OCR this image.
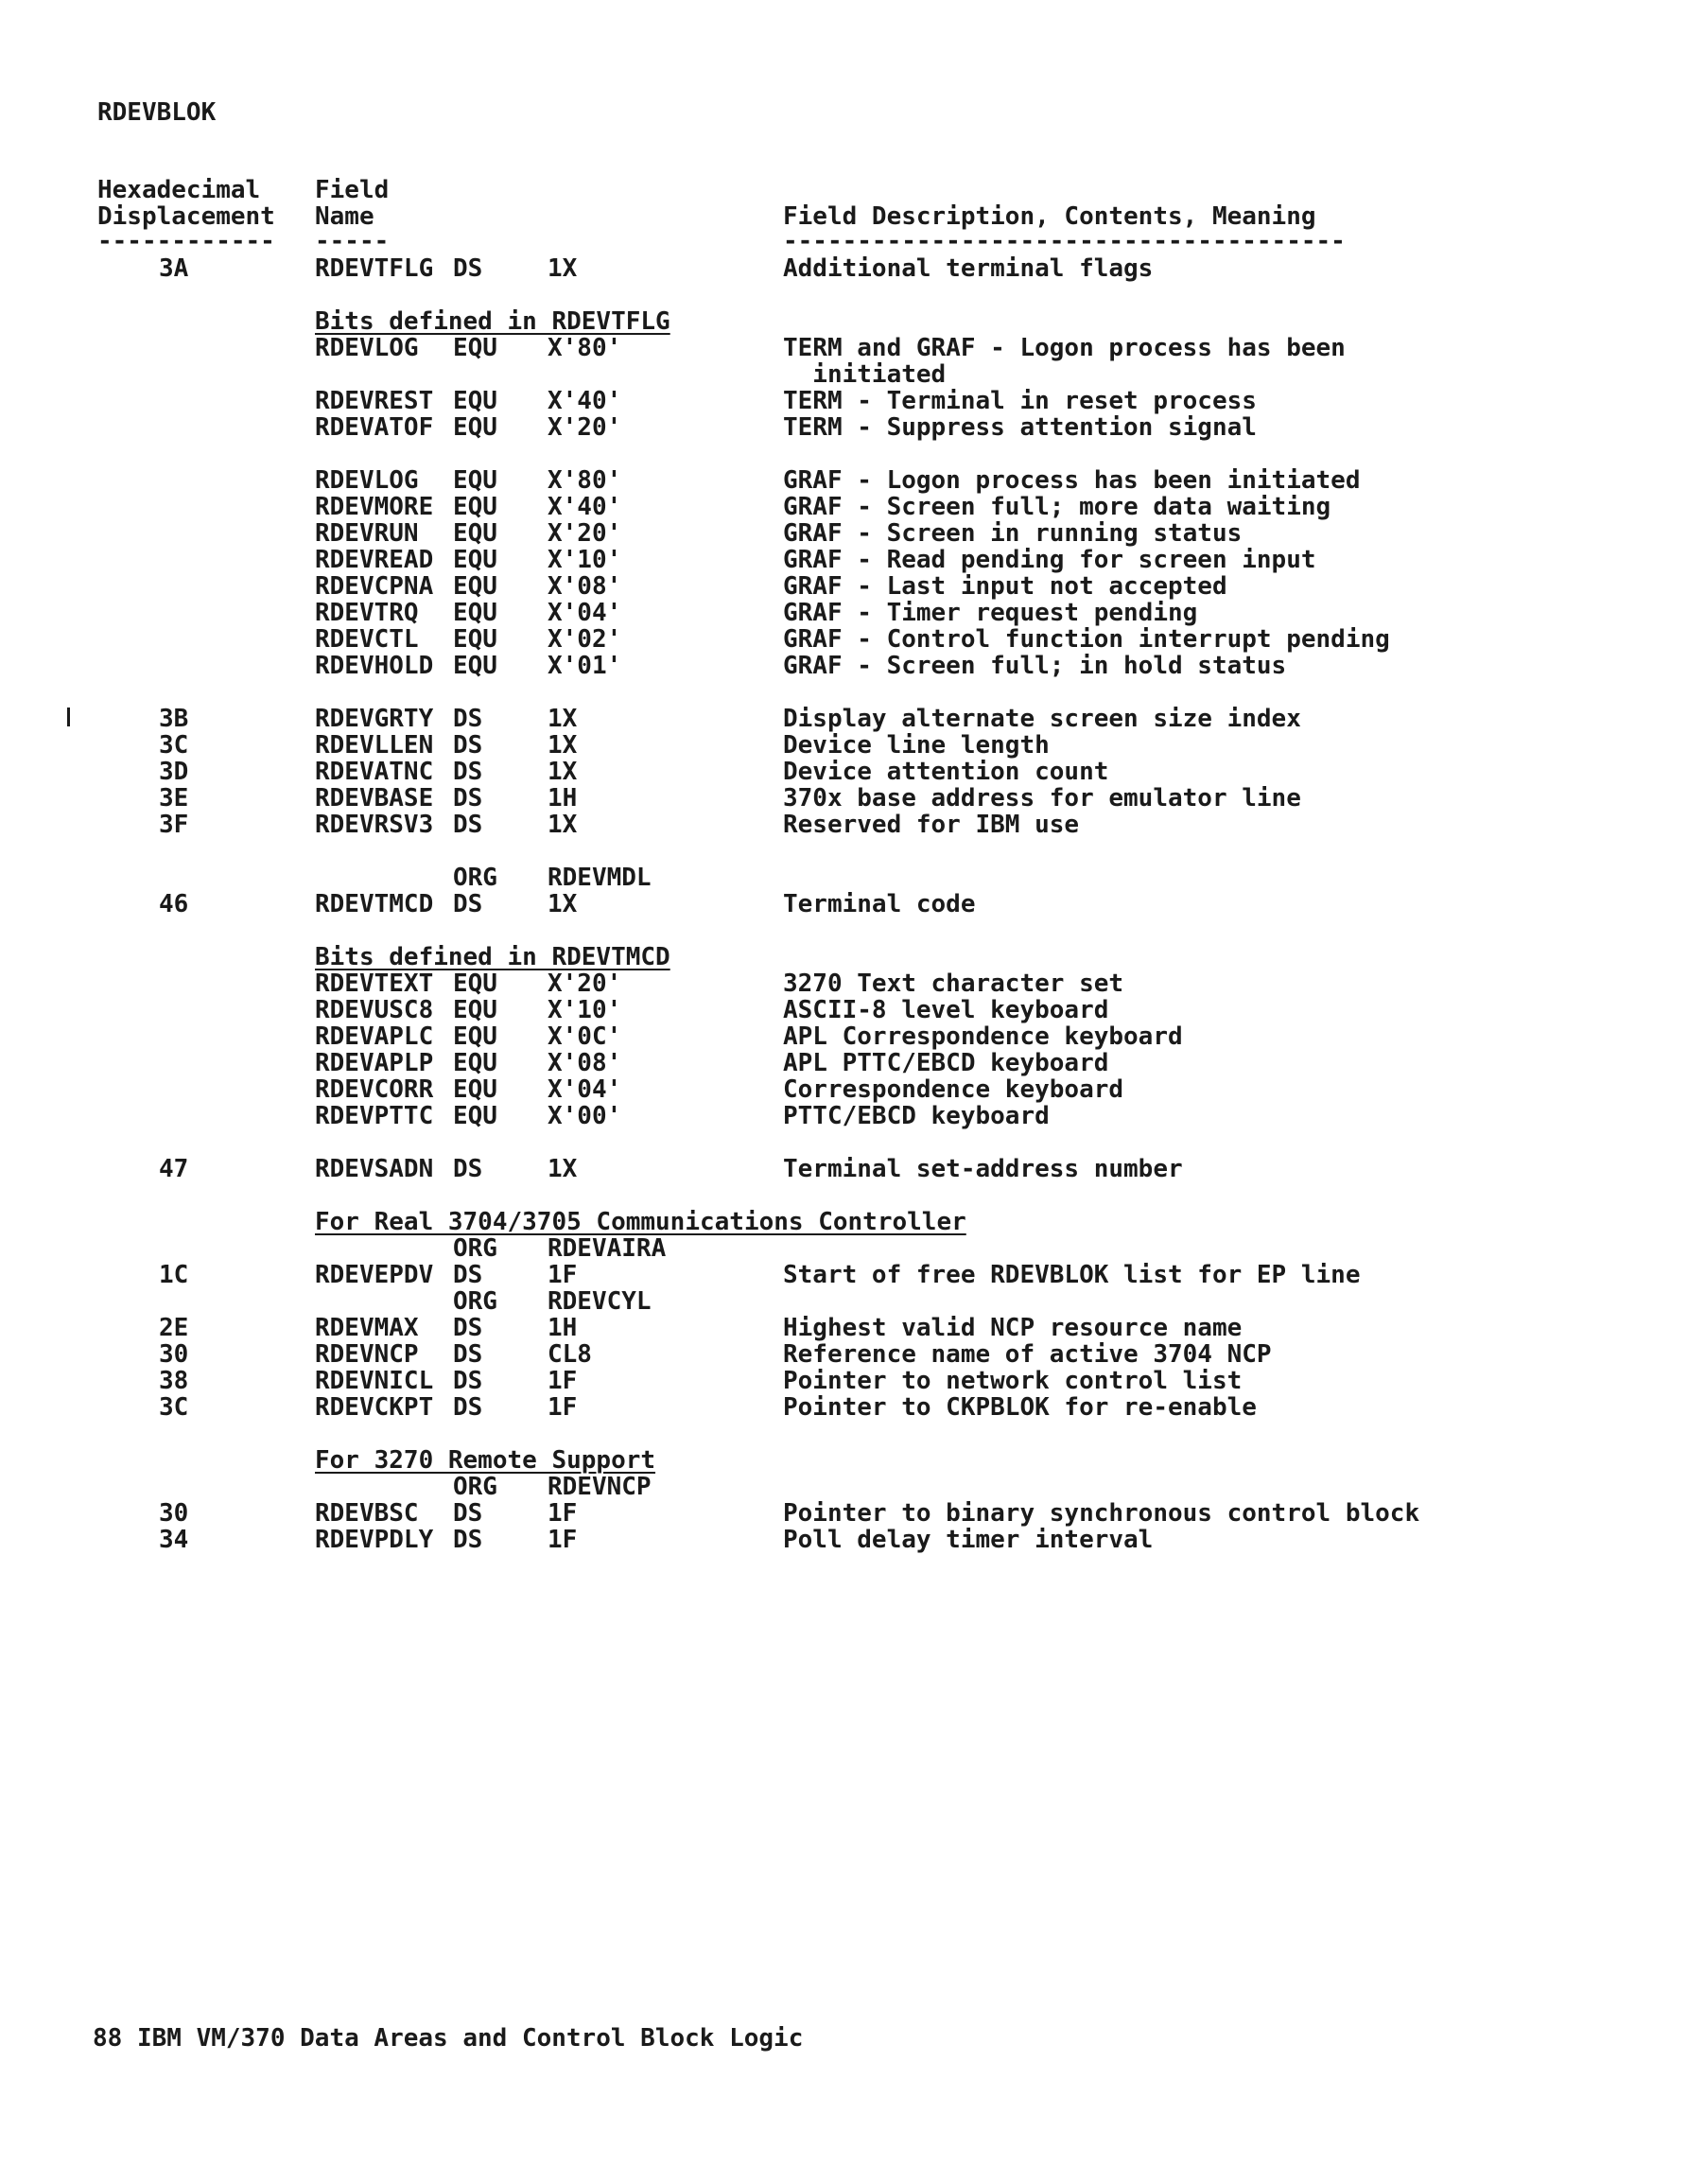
RDEVBLOK
Hexadecimal
Displacement
Field
Name	Field Description, Contents, Meaning
------------ -----	--------------------------------------
3A	RDEVTFLG DS	1X	Additional terminal flags
Bits defined in RDEVTFLG
RDEVLOG EQU X'80'	TERM and GRAF - Logon process has been
initiated
RDEVREST EQU X'40'	TERM - Terminal in reset process
RDEVATOF EQU X'20'	TERM - Suppress attention signal
RDEVLOG EQU X'80'	GRAF - Logon process has been initiated
RDEVMORE EQU X'40'	GRAF - Screen full; more data waiting
RDEVRUN EQU X'20'	GRAF - Screen in running status
RDEVREAD EQU X'10'	GRAF - Read pending for screen input
RDEVCPNA EQU X'08'	GRAF - Last input not accepted
RDEVTRQ EQU X'04'	GRAF - Timer request pending
RDEVCTL EQU X'02'	GRAF - Control function interrupt pending
RDEVHOLD EQU X'01'	GRAF - Screen full; in hold status
3B	RDEVGRTY DS	1X	Display alternate screen size index
3C	RDEVLLEN DS	1X	Device line length
3D	RDEVATNC DS	1X	Device attention count
3E	RDEVBASE DS	1H	370x base address for emulator line
3F	RDEVRSV3 DS	1X	Reserved for IBM use
ORG RDEVMDL
46	RDEVTMCD DS	1X	Terminal code
Bits defined in RDEVTMCD
RDEVTEXT EQU X'20'	3270 Text character set
RDEVUSC8 EQU X'10'	ASCII-8 level keyboard
RDEVAPLC EQU X'0C'	APL Correspondence keyboard
RDEVAPLP EQU X'08'	APL PTTC/EBCD keyboard
RDEVCORR EQU X'04'	Correspondence keyboard
RDEVPTTC EQU X'00'	PTTC/EBCD keyboard
47	RDEVSADN DS	1X	Terminal set-address number
For Real 3704/3705 Communications Controller
ORG RDEVAIRA
1C	RDEVEPDV DS	1F	Start of free RDEVBLOK list for EP line
ORG RDEVCYL
2E	RDEVMAX DS	1H	Highest valid NCP resource name
30	RDEVNCP DS	CL8	Reference name of active 3704 NCP
38	RDEVNICL DS	1F	Pointer to network control list
3C	RDEVCKPT DS	1F	Pointer to CKPBLOK for re-enable
For 3270 Remote Support
ORG RDEVNCP
30	RDEVBSC DS	1F	Pointer to binary synchronous control block
34	RDEVPDLY DS	1F	Poll delay timer interval
88 IBM VM/370 Data Areas and Control Block Logic
